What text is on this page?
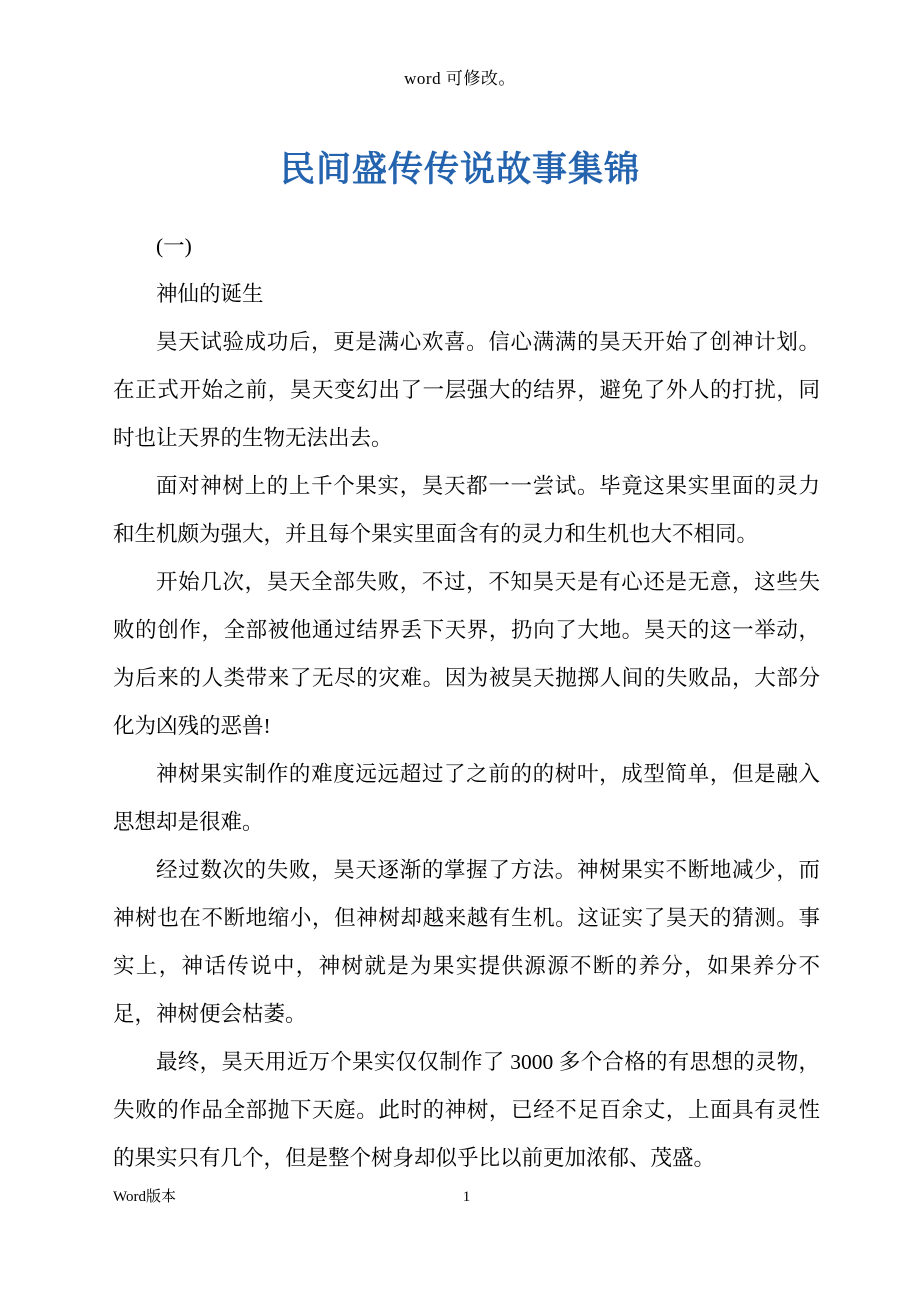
word 可修改。
民间盛传传说故事集锦

(一)

神仙的诞生

昊天试验成功后，更是满心欢喜。信心满满的昊天开始了创神计划。在正式开始之前，昊天变幻出了一层强大的结界，避免了外人的打扰，同时也让天界的生物无法出去。

面对神树上的上千个果实，昊天都一一尝试。毕竟这果实里面的灵力和生机颇为强大，并且每个果实里面含有的灵力和生机也大不相同。

开始几次，昊天全部失败，不过，不知昊天是有心还是无意，这些失败的创作，全部被他通过结界丢下天界，扔向了大地。昊天的这一举动，为后来的人类带来了无尽的灾难。因为被昊天抛掷人间的失败品，大部分化为凶残的恶兽!

神树果实制作的难度远远超过了之前的的树叶，成型简单，但是融入思想却是很难。

经过数次的失败，昊天逐渐的掌握了方法。神树果实不断地减少，而神树也在不断地缩小，但神树却越来越有生机。这证实了昊天的猜测。事实上，神话传说中，神树就是为果实提供源源不断的养分，如果养分不足，神树便会枯萎。

最终，昊天用近万个果实仅仅制作了 3000 多个合格的有思想的灵物，失败的作品全部抛下天庭。此时的神树，已经不足百余丈，上面具有灵性的果实只有几个，但是整个树身却似乎比以前更加浓郁、茂盛。

Word版本	1
